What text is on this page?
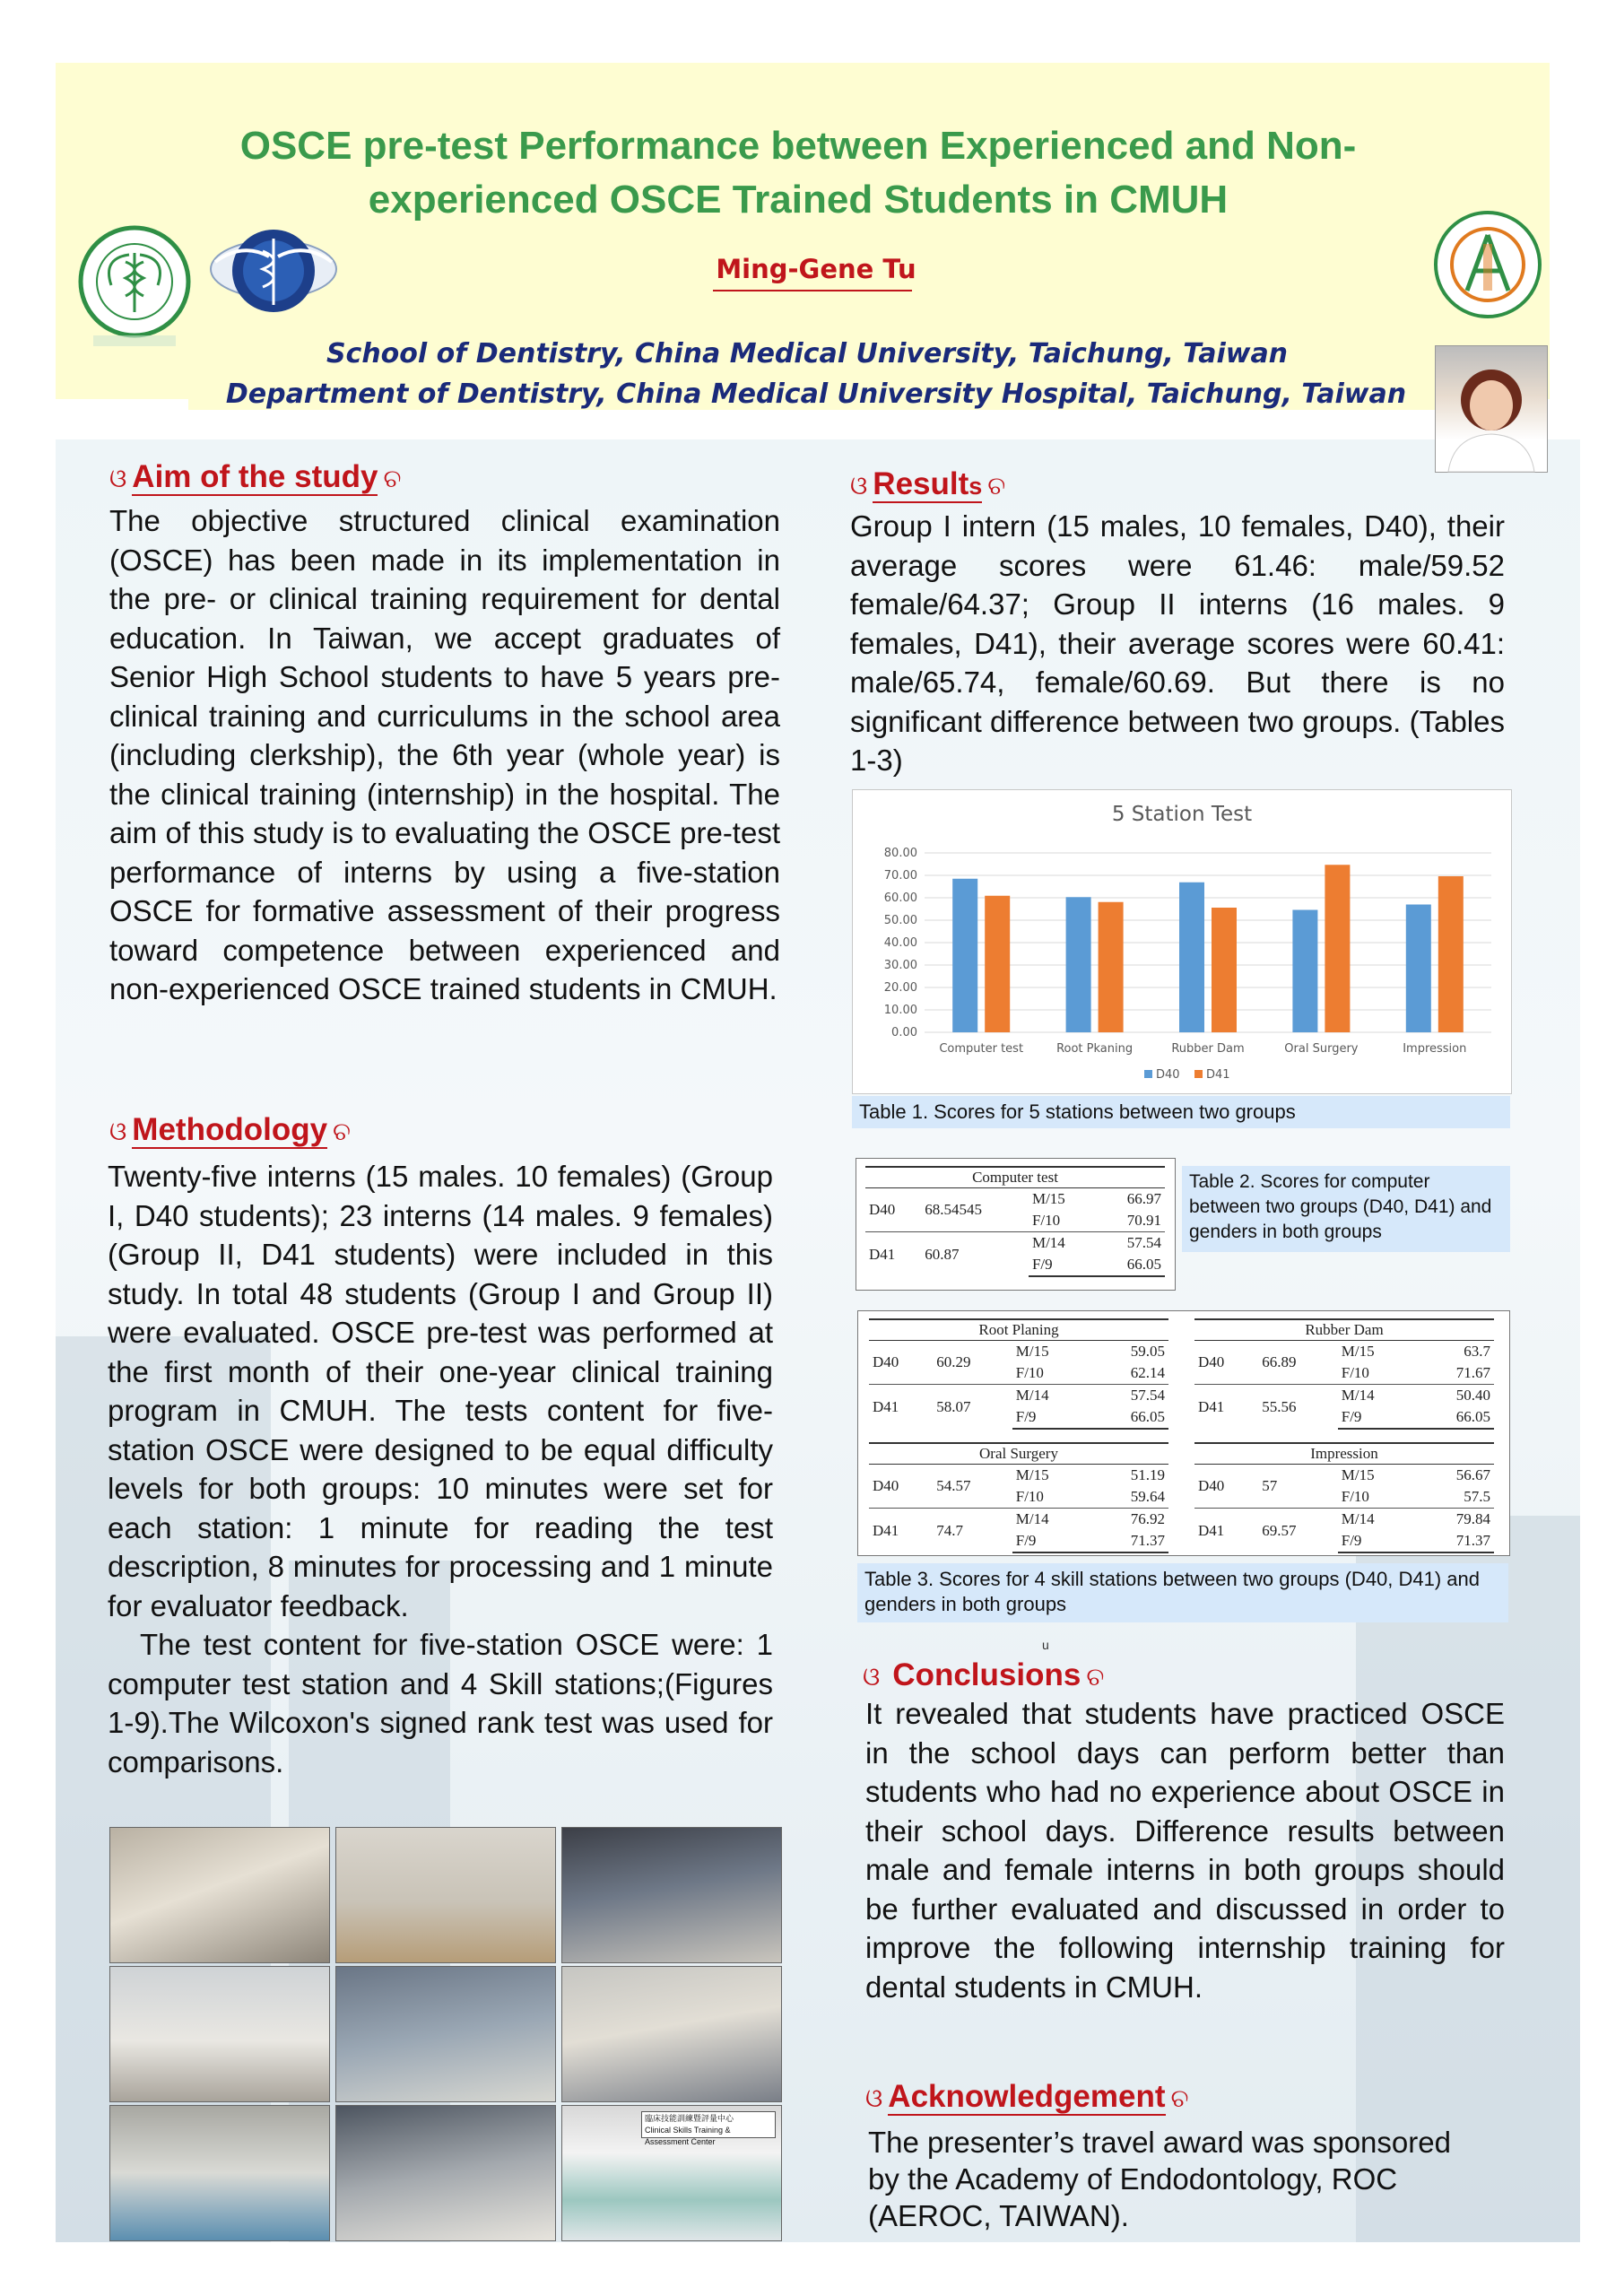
OSCE pre-test Performance between Experienced and Non-
experienced OSCE Trained Students in CMUH
Ming-Gene Tu
School of Dentistry, China Medical University, Taichung, Taiwan
Department of Dentistry, China Medical University Hospital, Taichung, Taiwan
ଓ Aim of the study ଚ
The objective structured clinical examination (OSCE) has been made in its implementation in the pre- or clinical training requirement for dental education. In Taiwan, we accept graduates of Senior High School students to have 5 years pre-clinical training and curriculums in the school area (including clerkship), the 6th year (whole year) is the clinical training (internship) in the hospital. The aim of this study is to evaluating the OSCE pre-test performance of interns by using a five-station OSCE for formative assessment of their progress toward competence between experienced and non-experienced OSCE trained students in CMUH.
ଓ Methodology ଚ
Twenty-five interns (15 males. 10 females) (Group I, D40 students); 23 interns (14 males. 9 females) (Group II, D41 students) were included in this study. In total 48 students (Group I and Group II) were evaluated. OSCE pre-test was performed at the first month of their one-year clinical training program in CMUH. The tests content for five-station OSCE were designed to be equal difficulty levels for both groups: 10 minutes were set for each station: 1 minute for reading the test description, 8 minutes for processing and 1 minute for evaluator feedback.
The test content for five-station OSCE were: 1 computer test station and 4 Skill stations;(Figures 1-9).The Wilcoxon's signed rank test was used for comparisons.
臨床技能訓練暨評量中心
Clinical Skills Training & Assessment Center
ଓ Results ଚ
Group I intern (15 males, 10 females, D40), their average scores were 61.46: male/59.52 female/64.37; Group II interns (16 males. 9 females, D41), their average scores were 60.41: male/65.74, female/60.69. But there is no significant difference between two groups. (Tables 1-3)
5 Station Test
0.00
10.00
20.00
30.00
40.00
50.00
60.00
70.00
80.00
Computer test	Root Pkaning	Rubber Dam	Oral Surgery	Impression
D40 D41
Table 1. Scores for 5 stations between two groups
Computer test			
D40	68.54545	M/15	66.97
		F/10	70.91
D41	60.87	M/14	57.54
		F/9	66.05
Table 2. Scores for computer between two groups (D40, D41) and genders in both groups
Root Planing			
D40	60.29	M/15	59.05
		F/10	62.14
D41	58.07	M/14	57.54
		F/9	66.05
Rubber Dam			
D40	66.89	M/15	63.7
		F/10	71.67
D41	55.56	M/14	50.40
		F/9	66.05
Oral Surgery			
D40	54.57	M/15	51.19
		F/10	59.64
D41	74.7	M/14	76.92
		F/9	71.37
Impression			
D40	57	M/15	56.67
		F/10	57.5
D41	69.57	M/14	79.84
		F/9	71.37
Table 3. Scores for 4 skill stations between two groups (D40, D41) and genders in both groups
u
ଓ Conclusions ଚ
It revealed that students have practiced OSCE in the school days can perform better than students who had no experience about OSCE in their school days. Difference results between male and female interns in both groups should be further evaluated and discussed in order to improve the following internship training for dental students in CMUH.
ଓ Acknowledgement ଚ
The presenter’s travel award was sponsored by the Academy of Endodontology, ROC (AEROC, TAIWAN).
